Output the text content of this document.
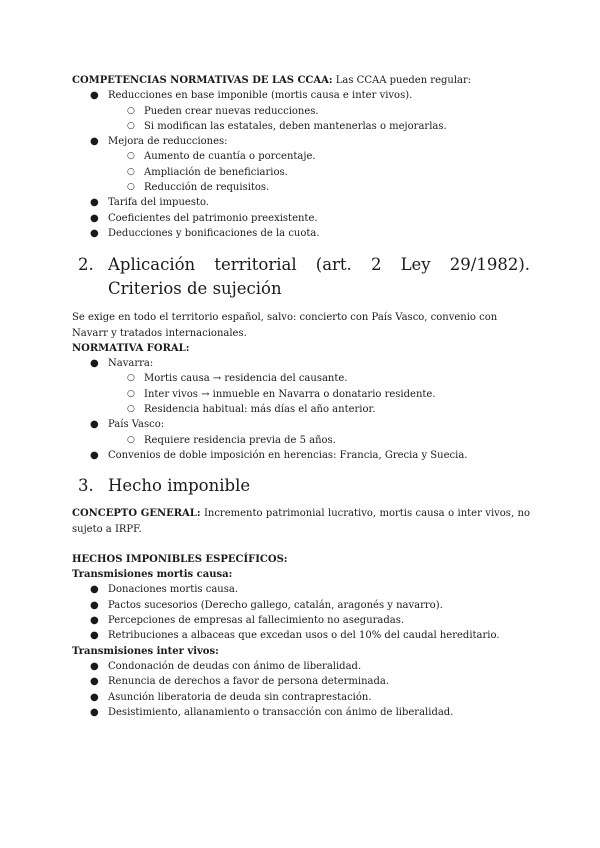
COMPETENCIAS NORMATIVAS DE LAS CCAA: Las CCAA pueden regular:

● Reducciones en base imponible (mortis causa e inter vivos).
○ Pueden crear nuevas reducciones.
○ Si modifican las estatales, deben mantenerlas o mejorarlas.
● Mejora de reducciones:
○ Aumento de cuantía o porcentaje.
○ Ampliación de beneficiarios.
○ Reducción de requisitos.
● Tarifa del impuesto.
● Coeficientes del patrimonio preexistente.
● Deducciones y bonificaciones de la cuota.
2. Aplicación territorial (art. 2 Ley 29/1982). Criterios de sujeción

Se exige en todo el territorio español, salvo: concierto con País Vasco, convenio con Navarr y tratados internacionales.

NORMATIVA FORAL:

● Navarra:
○ Mortis causa → residencia del causante.
○ Inter vivos → inmueble en Navarra o donatario residente.
○ Residencia habitual: más días el año anterior.
● País Vasco:
○ Requiere residencia previa de 5 años.
● Convenios de doble imposición en herencias: Francia, Grecia y Suecia.
3. Hecho imponible

CONCEPTO GENERAL: Incremento patrimonial lucrativo, mortis causa o inter vivos, no sujeto a IRPF.

HECHOS IMPONIBLES ESPECÍFICOS:

Transmisiones mortis causa:

● Donaciones mortis causa.
● Pactos sucesorios (Derecho gallego, catalán, aragonés y navarro).
● Percepciones de empresas al fallecimiento no aseguradas.
● Retribuciones a albaceas que excedan usos o del 10% del caudal hereditario.

Transmisiones inter vivos:

● Condonación de deudas con ánimo de liberalidad.
● Renuncia de derechos a favor de persona determinada.
● Asunción liberatoria de deuda sin contraprestación.
● Desistimiento, allanamiento o transacción con ánimo de liberalidad.
